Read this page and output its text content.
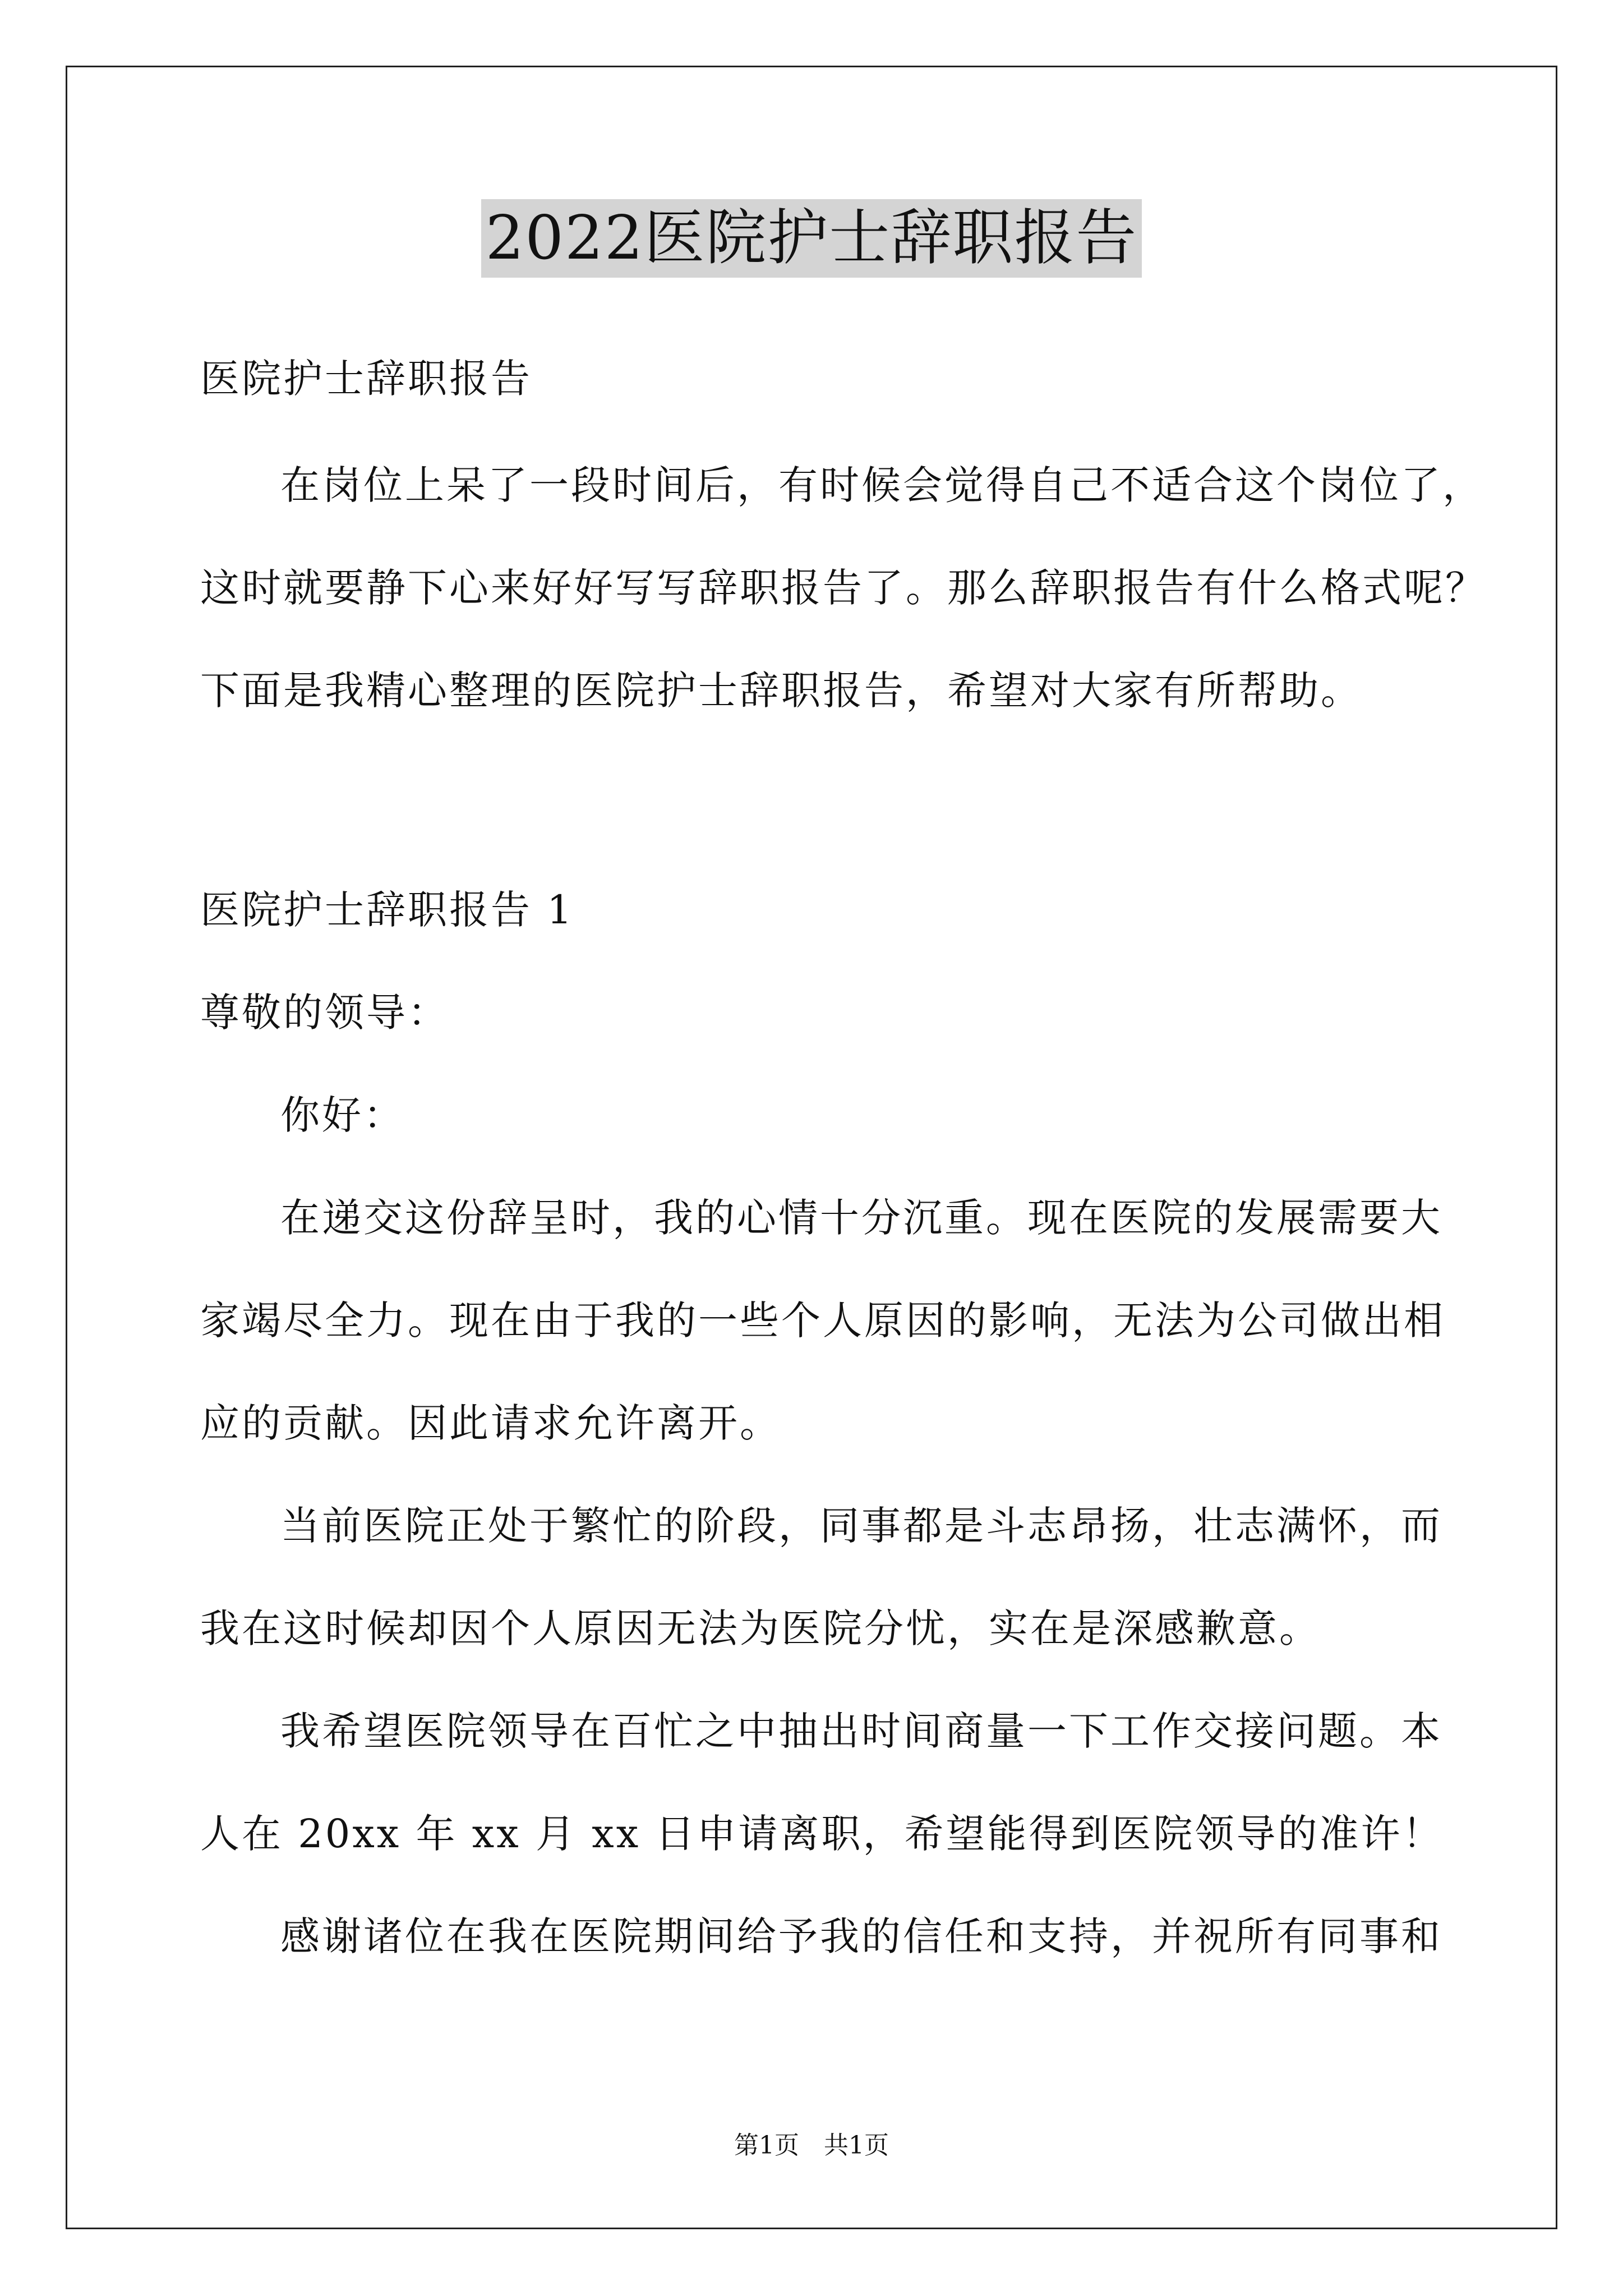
2022医院护士辞职报告
医院护士辞职报告
在岗位上呆了一段时间后，有时候会觉得自己不适合这个岗位了，
这时就要静下心来好好写写辞职报告了。那么辞职报告有什么格式呢？
下面是我精心整理的医院护士辞职报告，希望对大家有所帮助。
医院护士辞职报告 1
尊敬的领导：
你好：
在递交这份辞呈时，我的心情十分沉重。现在医院的发展需要大
家竭尽全力。现在由于我的一些个人原因的影响，无法为公司做出相
应的贡献。因此请求允许离开。
当前医院正处于繁忙的阶段，同事都是斗志昂扬，壮志满怀，而
我在这时候却因个人原因无法为医院分忧，实在是深感歉意。
我希望医院领导在百忙之中抽出时间商量一下工作交接问题。本
人在 20xx 年 xx 月 xx 日申请离职，希望能得到医院领导的准许！
感谢诸位在我在医院期间给予我的信任和支持，并祝所有同事和
第1页　共1页
